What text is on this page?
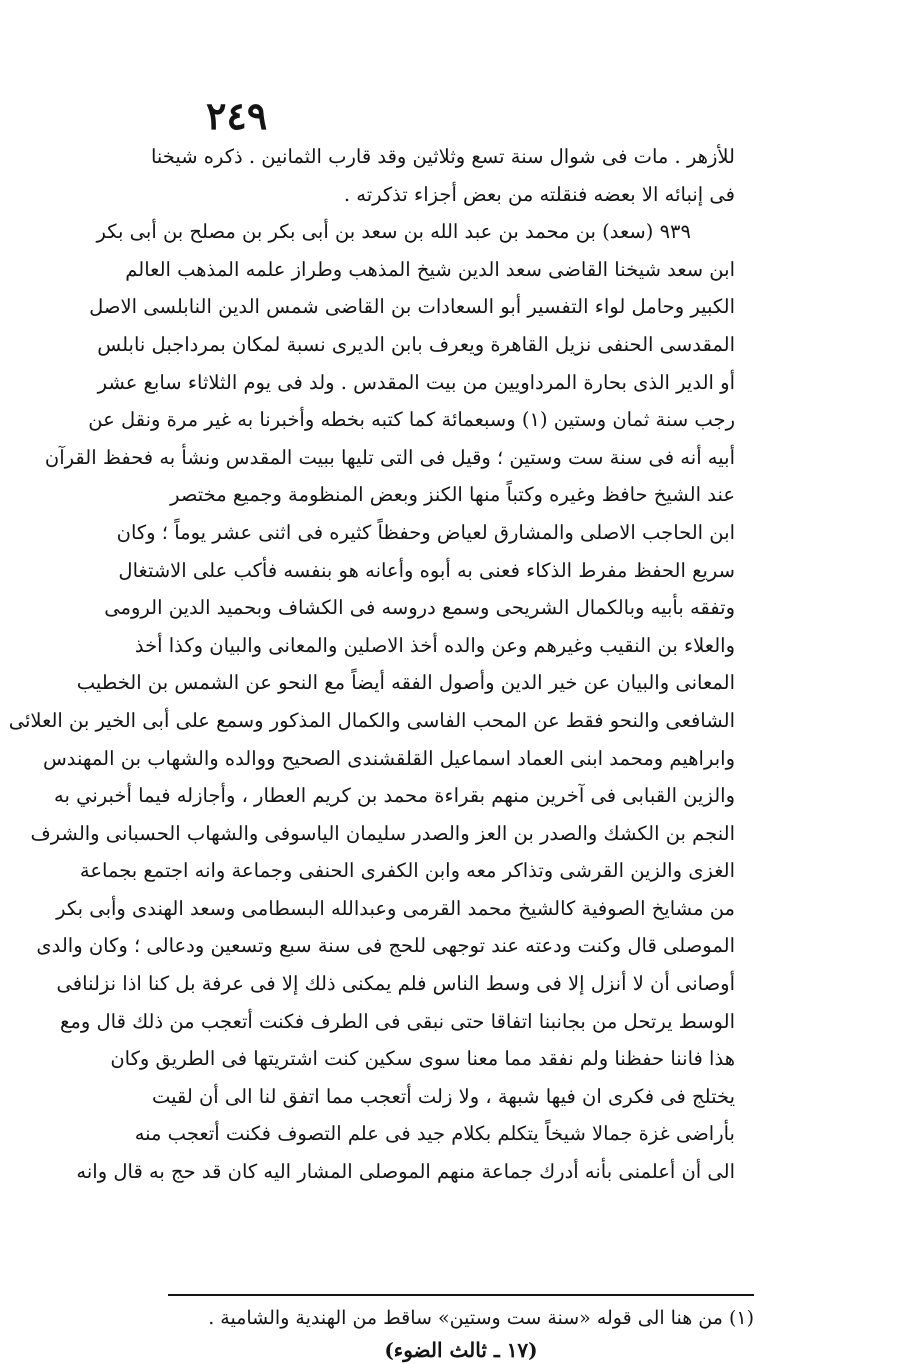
٢٤٩
للأزهر . مات فى شوال سنة تسع وثلاثين وقد قارب الثمانين . ذكره شيخنا
فى إنبائه الا بعضه فنقلته من بعض أجزاء تذكرته .
٩٣٩ (سعد) بن محمد بن عبد الله بن سعد بن أبى بكر بن مصلح بن أبى بكر
ابن سعد شيخنا القاضى سعد الدين شيخ المذهب وطراز علمه المذهب العالم
الكبير وحامل لواء التفسير أبو السعادات بن القاضى شمس الدين النابلسى الاصل
المقدسى الحنفى نزيل القاهرة ويعرف بابن الديرى نسبة لمكان بمرداجبل نابلس
أو الدير الذى بحارة المرداويين من بيت المقدس . ولد فى يوم الثلاثاء سابع عشر
رجب سنة ثمان وستين (١) وسبعمائة كما كتبه بخطه وأخبرنا به غير مرة ونقل عن
أبيه أنه فى سنة ست وستين ؛ وقيل فى التى تليها ببيت المقدس ونشأ به فحفظ القرآن
عند الشيخ حافظ وغيره وكتباً منها الكنز وبعض المنظومة وجميع مختصر
ابن الحاجب الاصلى والمشارق لعياض وحفظاً كثيره فى اثنى عشر يوماً ؛ وكان
سريع الحفظ مفرط الذكاء فعنى به أبوه وأعانه هو بنفسه فأكب على الاشتغال
وتفقه بأبيه وبالكمال الشريحى وسمع دروسه فى الكشاف وبحميد الدين الرومى
والعلاء بن النقيب وغيرهم وعن والده أخذ الاصلين والمعانى والبيان وكذا أخذ
المعانى والبيان عن خير الدين وأصول الفقه أيضاً مع النحو عن الشمس بن الخطيب
الشافعى والنحو فقط عن المحب الفاسى والكمال المذكور وسمع على أبى الخير بن العلائى
وابراهيم ومحمد ابنى العماد اسماعيل القلقشندى الصحيح ووالده والشهاب بن المهندس
والزين القبابى فى آخرين منهم بقراءة محمد بن كريم العطار ، وأجازله فيما أخبرني به
النجم بن الكشك والصدر بن العز والصدر سليمان الياسوفى والشهاب الحسبانى والشرف
الغزى والزين القرشى وتذاكر معه وابن الكفرى الحنفى وجماعة وانه اجتمع بجماعة
من مشايخ الصوفية كالشيخ محمد القرمى وعبدالله البسطامى وسعد الهندى وأبى بكر
الموصلى قال وكنت ودعته عند توجهى للحج فى سنة سبع وتسعين ودعالى ؛ وكان والدى
أوصانى أن لا أنزل إلا فى وسط الناس فلم يمكنى ذلك إلا فى عرفة بل كنا اذا نزلنافى
الوسط يرتحل من بجانبنا اتفاقا حتى نبقى فى الطرف فكنت أتعجب من ذلك قال ومع
هذا فاننا حفظنا ولم نفقد مما معنا سوى سكين كنت اشتريتها فى الطريق وكان
يختلج فى فكرى ان فيها شبهة ، ولا زلت أتعجب مما اتفق لنا الى أن لقيت
بأراضى غزة جمالا شيخاً يتكلم بكلام جيد فى علم التصوف فكنت أتعجب منه
الى أن أعلمنى بأنه أدرك جماعة منهم الموصلى المشار اليه كان قد حج به قال وانه
(١) من هنا الى قوله «سنة ست وستين» ساقط من الهندية والشامية .
(١٧ ـ ثالث الضوء)
